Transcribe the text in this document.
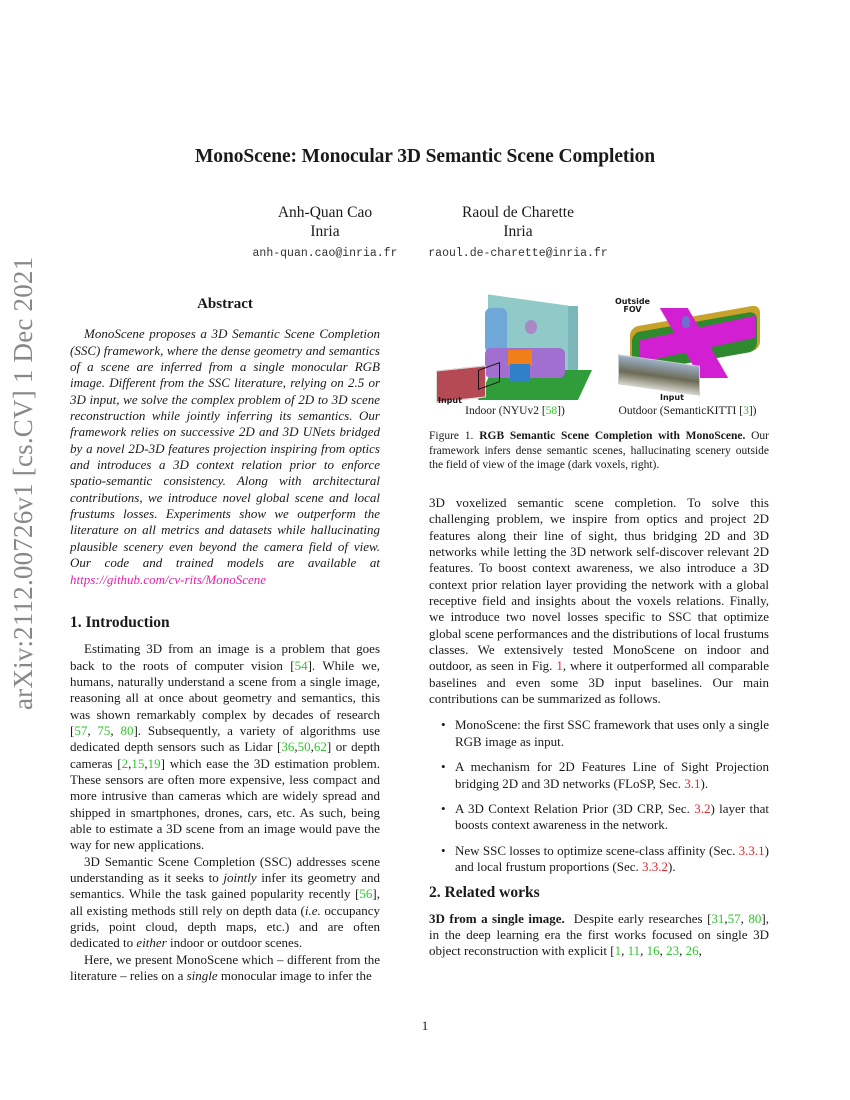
arXiv:2112.00726v1 [cs.CV] 1 Dec 2021
MonoScene: Monocular 3D Semantic Scene Completion
Anh-Quan Cao
Inria
anh-quan.cao@inria.fr
Raoul de Charette
Inria
raoul.de-charette@inria.fr
Abstract

MonoScene proposes a 3D Semantic Scene Completion (SSC) framework, where the dense geometry and semantics of a scene are inferred from a single monocular RGB image. Different from the SSC literature, relying on 2.5 or 3D input, we solve the complex problem of 2D to 3D scene reconstruction while jointly inferring its semantics. Our framework relies on successive 2D and 3D UNets bridged by a novel 2D-3D features projection inspiring from optics and introduces a 3D context relation prior to enforce spatio-semantic consistency. Along with architectural contributions, we introduce novel global scene and local frustums losses. Experiments show we outperform the literature on all metrics and datasets while hallucinating plausible scenery even beyond the camera field of view. Our code and trained models are available at https://github.com/cv-rits/MonoScene

1. Introduction

Estimating 3D from an image is a problem that goes back to the roots of computer vision [54]. While we, humans, naturally understand a scene from a single image, reasoning all at once about geometry and semantics, this was shown remarkably complex by decades of research [57, 75, 80]. Subsequently, a variety of algorithms use dedicated depth sensors such as Lidar [36,50,62] or depth cameras [2,15,19] which ease the 3D estimation problem. These sensors are often more expensive, less compact and more intrusive than cameras which are widely spread and shipped in smartphones, drones, cars, etc. As such, being able to estimate a 3D scene from an image would pave the way for new applications.

3D Semantic Scene Completion (SSC) addresses scene understanding as it seeks to jointly infer its geometry and semantics. While the task gained popularity recently [56], all existing methods still rely on depth data (i.e. occupancy grids, point cloud, depth maps, etc.) and are often dedicated to either indoor or outdoor scenes.

Here, we present MonoScene which – different from the literature – relies on a single monocular image to infer the

Input
Outside
FOV
Input
Indoor (NYUv2 [58])	Outdoor (SemanticKITTI [3])
Figure 1. RGB Semantic Scene Completion with MonoScene. Our framework infers dense semantic scenes, hallucinating scenery outside the field of view of the image (dark voxels, right).

3D voxelized semantic scene completion. To solve this challenging problem, we inspire from optics and project 2D features along their line of sight, thus bridging 2D and 3D networks while letting the 3D network self-discover relevant 2D features. To boost context awareness, we also introduce a 3D context prior relation layer providing the network with a global receptive field and insights about the voxels relations. Finally, we introduce two novel losses specific to SSC that optimize global scene performances and the distributions of local frustums classes. We extensively tested MonoScene on indoor and outdoor, as seen in Fig. 1, where it outperformed all comparable baselines and even some 3D input baselines. Our main contributions can be summarized as follows.

• MonoScene: the first SSC framework that uses only a single RGB image as input.
• A mechanism for 2D Features Line of Sight Projection bridging 2D and 3D networks (FLoSP, Sec. 3.1).
• A 3D Context Relation Prior (3D CRP, Sec. 3.2) layer that boosts context awareness in the network.
• New SSC losses to optimize scene-class affinity (Sec. 3.3.1) and local frustum proportions (Sec. 3.3.2).
2. Related works

3D from a single image.  Despite early researches [31,57, 80], in the deep learning era the first works focused on single 3D object reconstruction with explicit [1, 11, 16, 23, 26,

1
